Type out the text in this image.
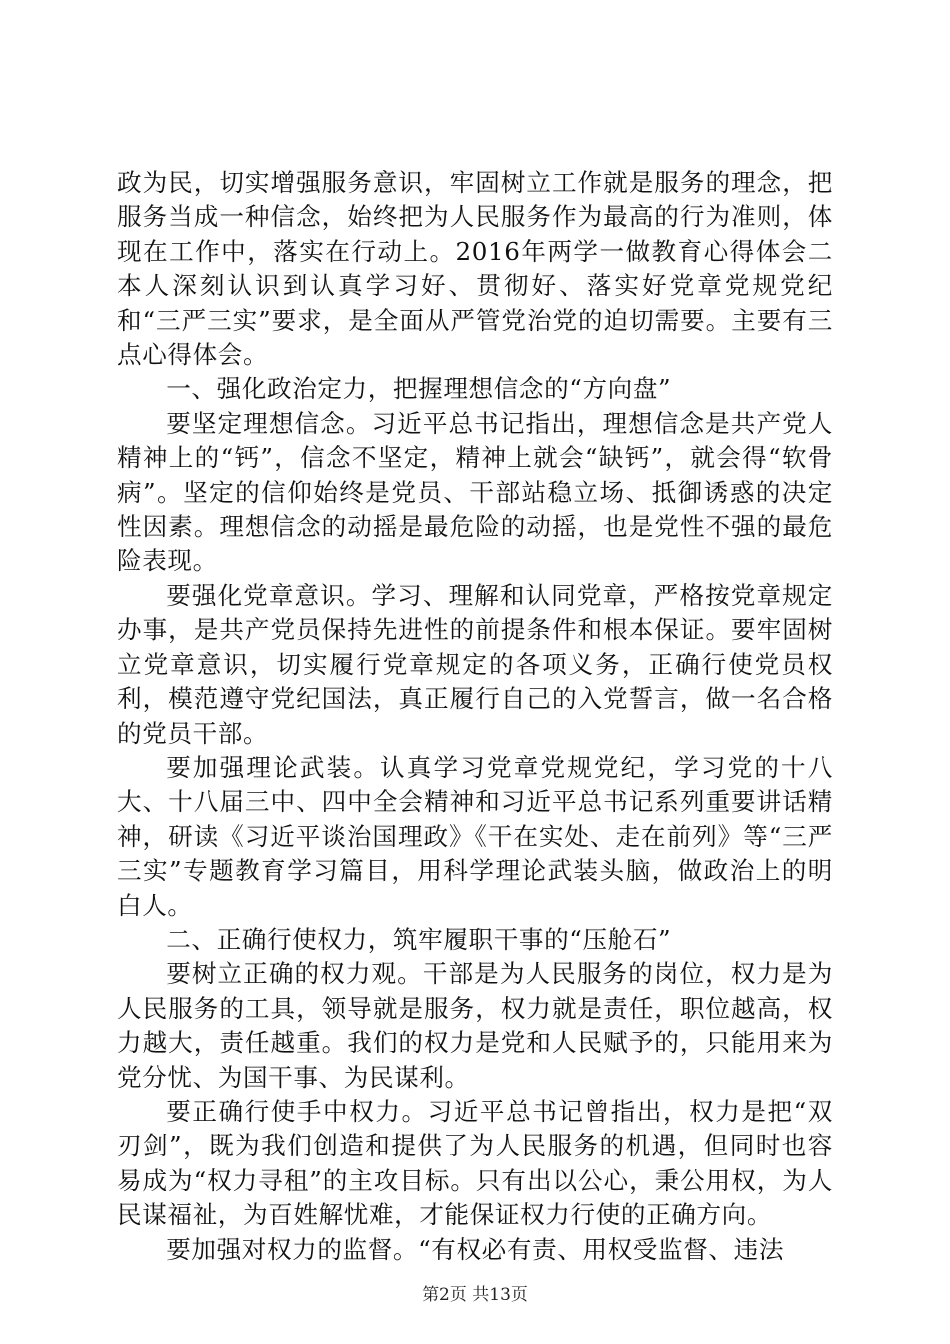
政为民，切实增强服务意识，牢固树立工作就是服务的理念，把服务当成一种信念，始终把为人民服务作为最高的行为准则，体现在工作中，落实在行动上。2016年两学一做教育心得体会二本人深刻认识到认真学习好、贯彻好、落实好党章党规党纪和“三严三实”要求，是全面从严管党治党的迫切需要。主要有三点心得体会。

一、强化政治定力，把握理想信念的“方向盘”

要坚定理想信念。习近平总书记指出，理想信念是共产党人精神上的“钙”，信念不坚定，精神上就会“缺钙”，就会得“软骨病”。坚定的信仰始终是党员、干部站稳立场、抵御诱惑的决定性因素。理想信念的动摇是最危险的动摇，也是党性不强的最危险表现。

要强化党章意识。学习、理解和认同党章，严格按党章规定办事，是共产党员保持先进性的前提条件和根本保证。要牢固树立党章意识，切实履行党章规定的各项义务，正确行使党员权利，模范遵守党纪国法，真正履行自己的入党誓言，做一名合格的党员干部。

要加强理论武装。认真学习党章党规党纪，学习党的十八大、十八届三中、四中全会精神和习近平总书记系列重要讲话精神，研读《习近平谈治国理政》《干在实处、走在前列》等“三严三实”专题教育学习篇目，用科学理论武装头脑，做政治上的明白人。

二、正确行使权力，筑牢履职干事的“压舱石”

要树立正确的权力观。干部是为人民服务的岗位，权力是为人民服务的工具，领导就是服务，权力就是责任，职位越高，权力越大，责任越重。我们的权力是党和人民赋予的，只能用来为党分忧、为国干事、为民谋利。

要正确行使手中权力。习近平总书记曾指出，权力是把“双刃剑”，既为我们创造和提供了为人民服务的机遇，但同时也容易成为“权力寻租”的主攻目标。只有出以公心，秉公用权，为人民谋福祉，为百姓解忧难，才能保证权力行使的正确方向。

要加强对权力的监督。“有权必有责、用权受监督、违法

第2页 共13页
